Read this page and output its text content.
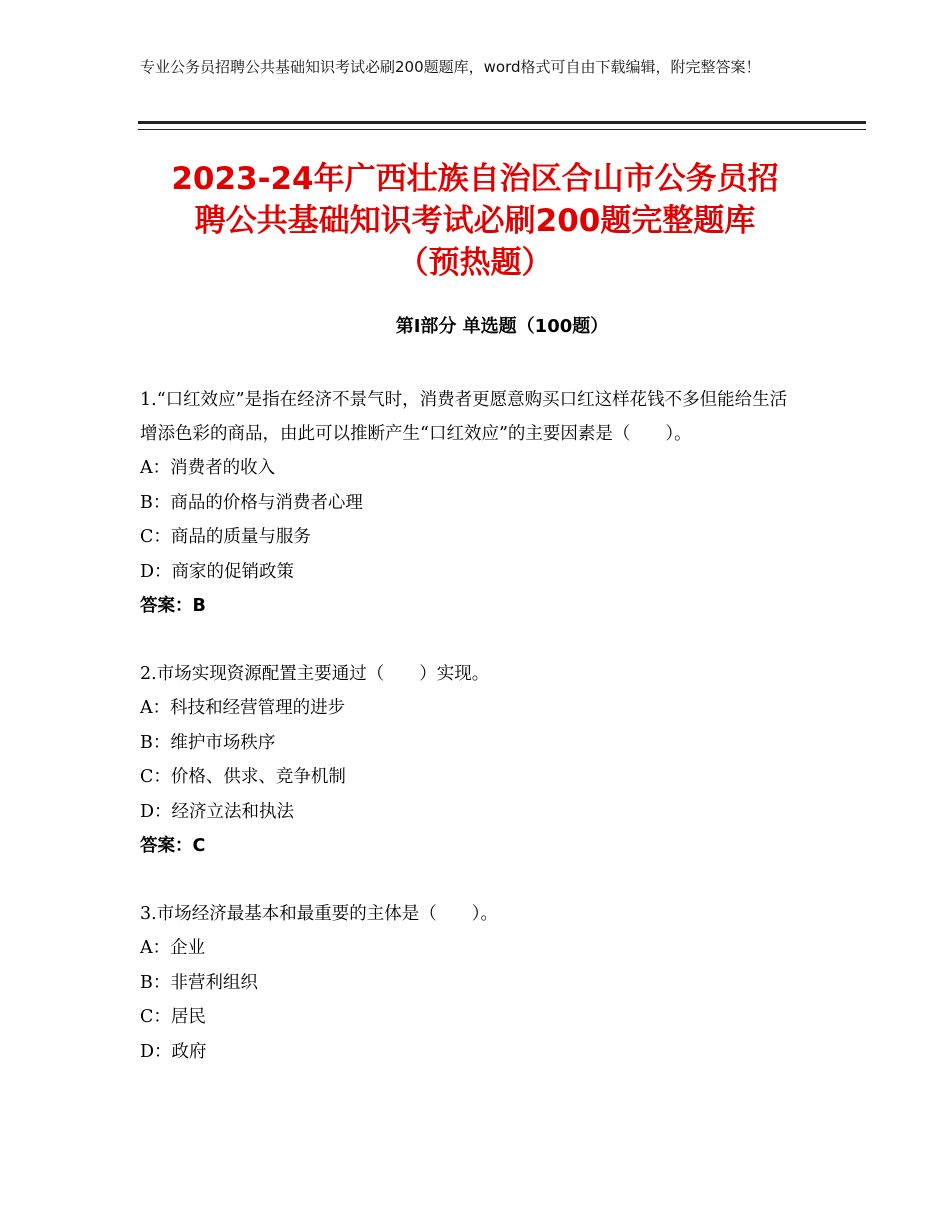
专业公务员招聘公共基础知识考试必刷200题题库，word格式可自由下载编辑，附完整答案！
2023-24年广西壮族自治区合山市公务员招
聘公共基础知识考试必刷200题完整题库
（预热题）
第Ⅰ部分 单选题（100题）
1.“口红效应”是指在经济不景气时，消费者更愿意购买口红这样花钱不多但能给生活增添色彩的商品，由此可以推断产生“口红效应”的主要因素是（　　）。
A：消费者的收入
B：商品的价格与消费者心理
C：商品的质量与服务
D：商家的促销政策
答案：B
2.市场实现资源配置主要通过（　　）实现。
A：科技和经营管理的进步
B：维护市场秩序
C：价格、供求、竞争机制
D：经济立法和执法
答案：C
3.市场经济最基本和最重要的主体是（　　）。
A：企业
B：非营利组织
C：居民
D：政府
